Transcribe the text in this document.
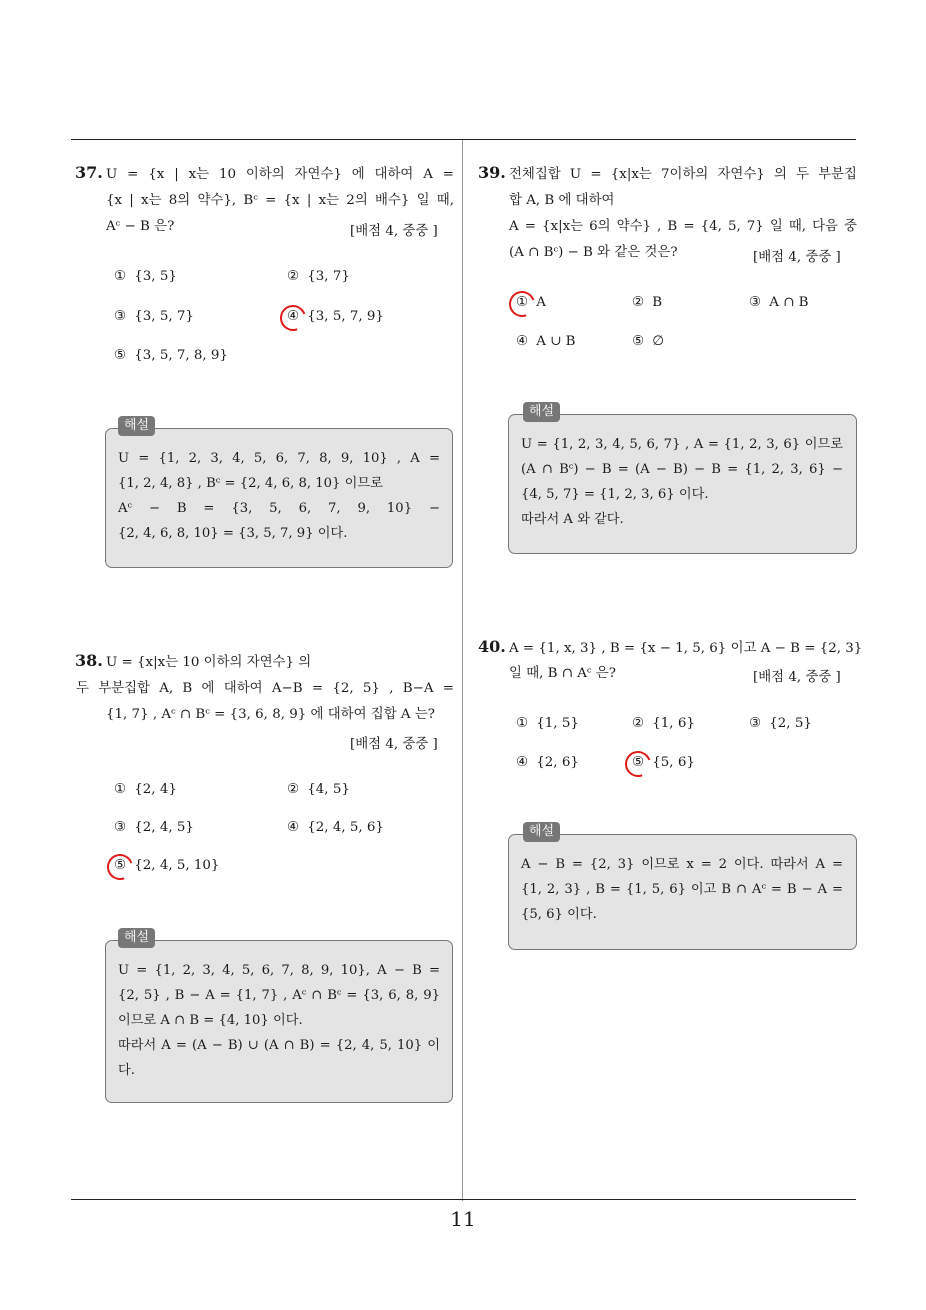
11
37. U = {x | x는 10 이하의 자연수} 에 대하여 A =
{x | x는 8의 약수}, Bᶜ = {x | x는 2의 배수} 일 때,
Aᶜ − B 은?	[배점 4, 중중 ]
① {3, 5}	② {3, 7}
③ {3, 5, 7}	④ {3, 5, 7, 9}
⑤ {3, 5, 7, 8, 9}
U = {1, 2, 3, 4, 5, 6, 7, 8, 9, 10} , A =
{1, 2, 4, 8} , Bᶜ = {2, 4, 6, 8, 10} 이므로
Aᶜ − B = {3, 5, 6, 7, 9, 10} −
{2, 4, 6, 8, 10} = {3, 5, 7, 9} 이다.
해설
38. U = {x|x는 10 이하의 자연수} 의
두 부분집합 A, B 에 대하여 A−B = {2, 5} , B−A =
{1, 7} , Aᶜ ∩ Bᶜ = {3, 6, 8, 9} 에 대하여 집합 A 는?
[배점 4, 중중 ]
① {2, 4}	② {4, 5}
③ {2, 4, 5}	④ {2, 4, 5, 6}
⑤ {2, 4, 5, 10}
U = {1, 2, 3, 4, 5, 6, 7, 8, 9, 10}, A − B =
{2, 5} , B − A = {1, 7} , Aᶜ ∩ Bᶜ = {3, 6, 8, 9}
이므로 A ∩ B = {4, 10} 이다.
따라서 A = (A − B) ∪ (A ∩ B) = {2, 4, 5, 10} 이
다.
해설
39. 전체집합 U = {x|x는 7이하의 자연수} 의 두 부분집
합 A, B 에 대하여
A = {x|x는 6의 약수} , B = {4, 5, 7} 일 때, 다음 중
(A ∩ Bᶜ) − B 와 같은 것은?	[배점 4, 중중 ]
① A	② B	③ A ∩ B
④ A ∪ B	⑤ ∅
U = {1, 2, 3, 4, 5, 6, 7} , A = {1, 2, 3, 6} 이므로
(A ∩ Bᶜ) − B = (A − B) − B = {1, 2, 3, 6} −
{4, 5, 7} = {1, 2, 3, 6} 이다.
따라서 A 와 같다.
해설
40. A = {1, x, 3} , B = {x − 1, 5, 6} 이고 A − B = {2, 3}
일 때, B ∩ Aᶜ 은?	[배점 4, 중중 ]
① {1, 5}	② {1, 6}	③ {2, 5}
④ {2, 6}	⑤ {5, 6}
A − B = {2, 3} 이므로 x = 2 이다. 따라서 A =
{1, 2, 3} , B = {1, 5, 6} 이고 B ∩ Aᶜ = B − A =
{5, 6} 이다.
해설
